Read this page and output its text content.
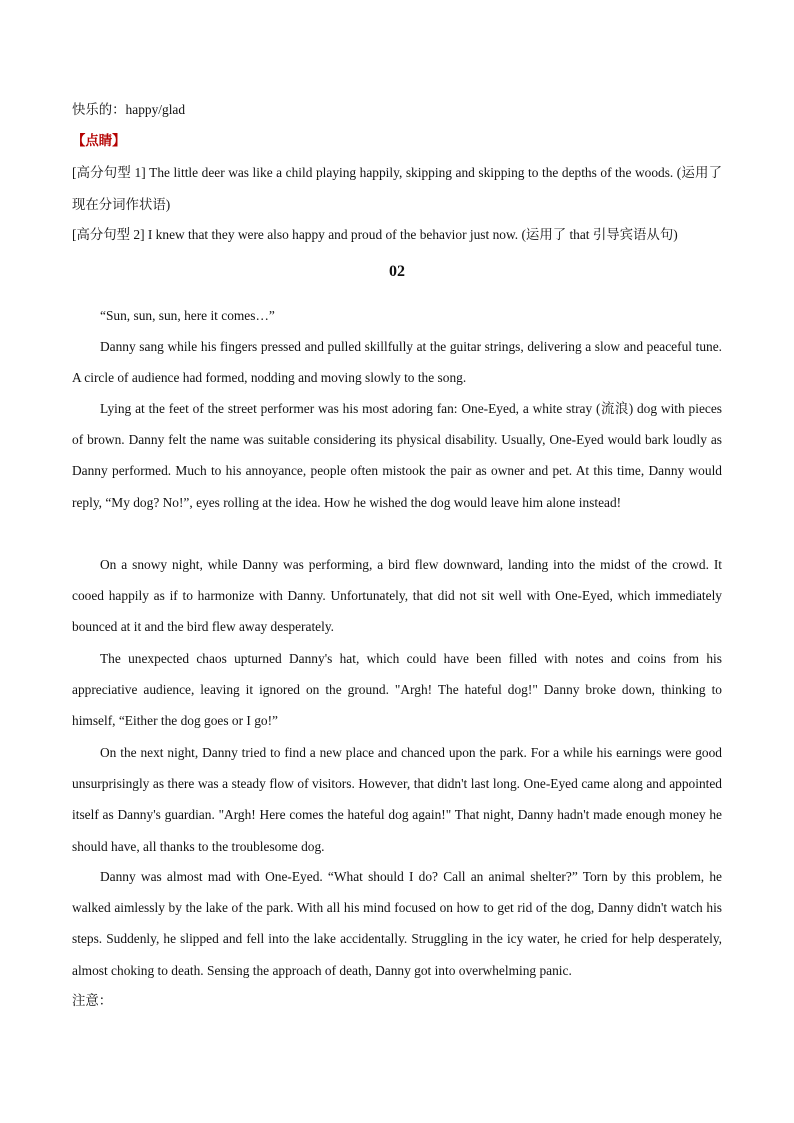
快乐的：happy/glad
【点睛】
[高分句型 1] The little deer was like a child playing happily, skipping and skipping to the depths of the woods. (运用了现在分词作状语)
[高分句型 2] I knew that they were also happy and proud of the behavior just now. (运用了 that 引导宾语从句)
02
“Sun, sun, sun, here it comes…”
Danny sang while his fingers pressed and pulled skillfully at the guitar strings, delivering a slow and peaceful tune. A circle of audience had formed, nodding and moving slowly to the song.
Lying at the feet of the street performer was his most adoring fan: One-Eyed, a white stray (流浪) dog with pieces of brown. Danny felt the name was suitable considering its physical disability. Usually, One-Eyed would bark loudly as Danny performed. Much to his annoyance, people often mistook the pair as owner and pet. At this time, Danny would reply, “My dog? No!”, eyes rolling at the idea. How he wished the dog would leave him alone instead!
On a snowy night, while Danny was performing, a bird flew downward, landing into the midst of the crowd. It cooed happily as if to harmonize with Danny. Unfortunately, that did not sit well with One-Eyed, which immediately bounced at it and the bird flew away desperately.
The unexpected chaos upturned Danny's hat, which could have been filled with notes and coins from his appreciative audience, leaving it ignored on the ground. "Argh! The hateful dog!" Danny broke down, thinking to himself, “Either the dog goes or I go!”
On the next night, Danny tried to find a new place and chanced upon the park. For a while his earnings were good unsurprisingly as there was a steady flow of visitors. However, that didn't last long. One-Eyed came along and appointed itself as Danny's guardian. "Argh! Here comes the hateful dog again!" That night, Danny hadn't made enough money he should have, all thanks to the troublesome dog.
Danny was almost mad with One-Eyed. “What should I do? Call an animal shelter?” Torn by this problem, he walked aimlessly by the lake of the park. With all his mind focused on how to get rid of the dog, Danny didn't watch his steps. Suddenly, he slipped and fell into the lake accidentally. Struggling in the icy water, he cried for help desperately, almost choking to death. Sensing the approach of death, Danny got into overwhelming panic.
注意：
